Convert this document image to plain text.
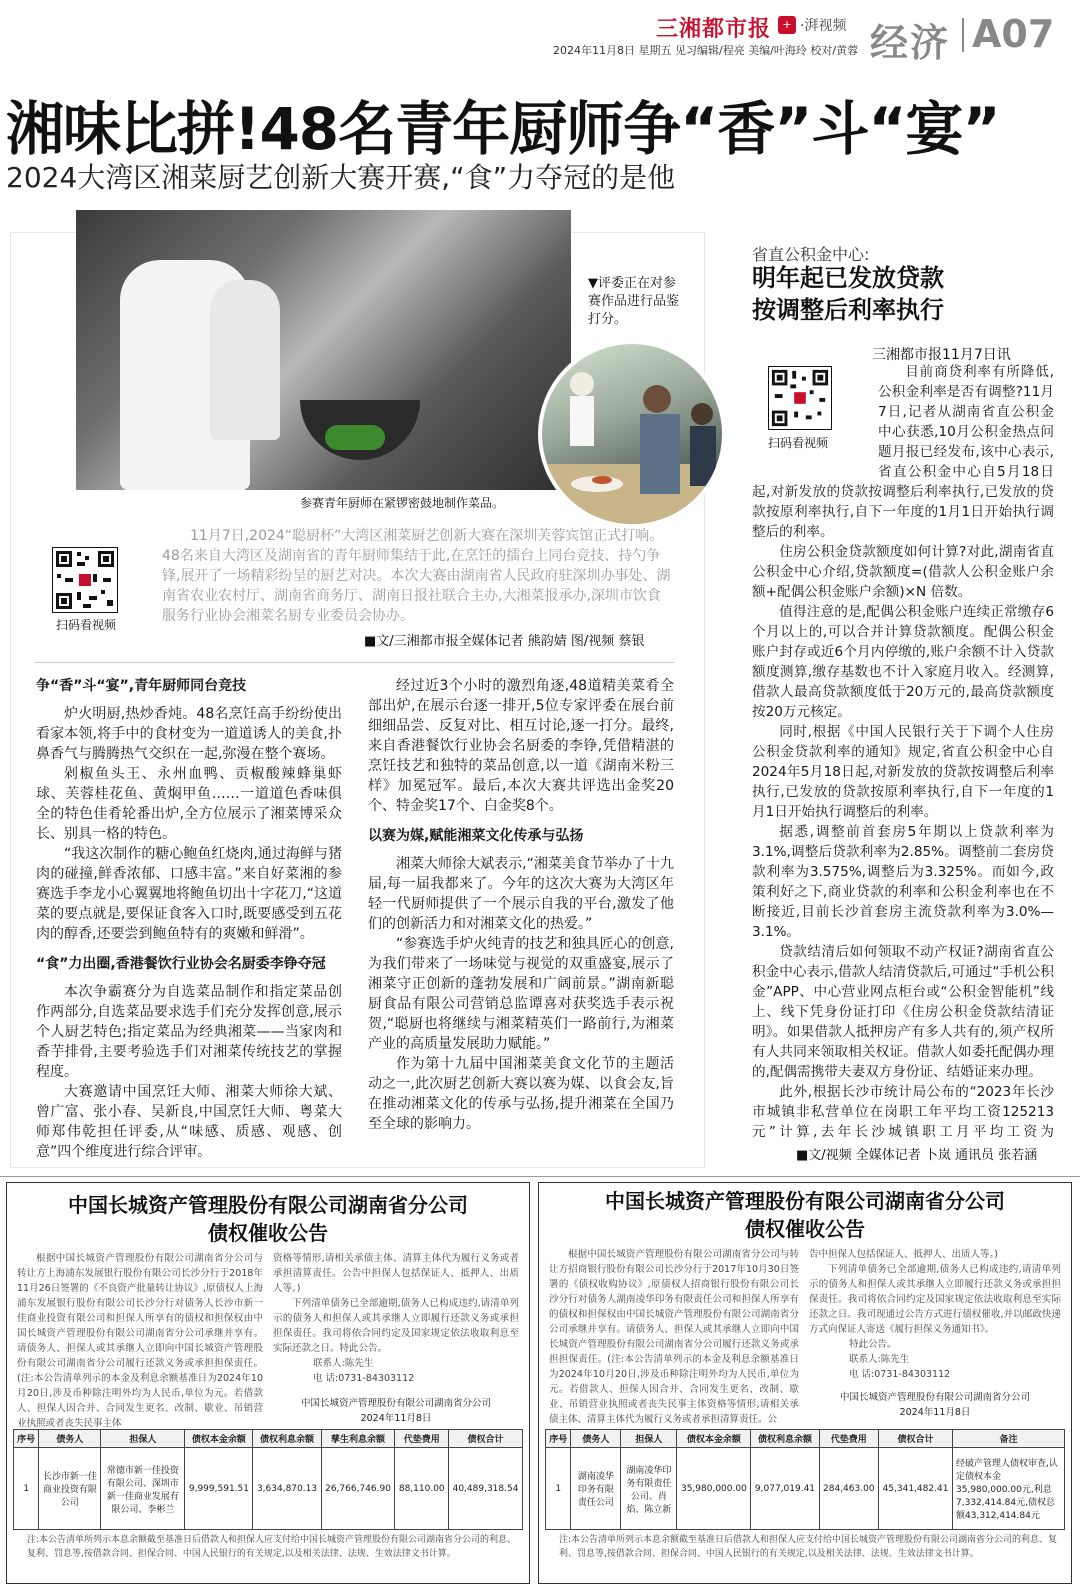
三湘都市报	+ ·湃视频
2024年11月8日 星期五 见习编辑/程亮 美编/叶海玲 校对/黄蓉 经济 A07
湘味比拼!48名青年厨师争“香”斗“宴”
2024大湾区湘菜厨艺创新大赛开赛,“食”力夺冠的是他
▼评委正在对参赛作品进行品鉴打分。
参赛青年厨师在紧锣密鼓地制作菜品。
扫码看视频
11月7日,2024“聪厨杯”大湾区湘菜厨艺创新大赛在深圳芙蓉宾馆正式打响。48名来自大湾区及湖南省的青年厨师集结于此,在烹饪的擂台上同台竞技、持勺争锋,展开了一场精彩纷呈的厨艺对决。本次大赛由湖南省人民政府驻深圳办事处、湖南省农业农村厅、湖南省商务厅、湖南日报社联合主办,大湘菜报承办,深圳市饮食服务行业协会湘菜名厨专业委员会协办。
■文/三湘都市报全媒体记者 熊韵婧 图/视频 蔡银
争“香”斗“宴”,青年厨师同台竞技

炉火明厨,热炒香炖。48名烹饪高手纷纷使出看家本领,将手中的食材变为一道道诱人的美食,扑鼻香气与腾腾热气交织在一起,弥漫在整个赛场。

剁椒鱼头王、永州血鸭、贡椒酸辣蜂巢虾球、芙蓉桂花鱼、黄焖甲鱼……一道道色香味俱全的特色佳肴轮番出炉,全方位展示了湘菜博采众长、别具一格的特色。

“我这次制作的糖心鲍鱼红烧肉,通过海鲜与猪肉的碰撞,鲜香浓郁、口感丰富。”来自好菜湘的参赛选手李龙小心翼翼地将鲍鱼切出十字花刀,“这道菜的要点就是,要保证食客入口时,既要感受到五花肉的醇香,还要尝到鲍鱼特有的爽嫩和鲜滑”。

“食”力出圈,香港餐饮行业协会名厨委李铮夺冠

本次争霸赛分为自选菜品制作和指定菜品创作两部分,自选菜品要求选手们充分发挥创意,展示个人厨艺特色;指定菜品为经典湘菜——当家肉和香芋排骨,主要考验选手们对湘菜传统技艺的掌握程度。

大赛邀请中国烹饪大师、湘菜大师徐大斌、曾广富、张小春、吴新良,中国烹饪大师、粤菜大师郑伟乾担任评委,从“味感、质感、观感、创意”四个维度进行综合评审。

经过近3个小时的激烈角逐,48道精美菜肴全部出炉,在展示台逐一排开,5位专家评委在展台前细细品尝、反复对比、相互讨论,逐一打分。最终,来自香港餐饮行业协会名厨委的李铮,凭借精湛的烹饪技艺和独特的菜品创意,以一道《湖南米粉三样》加冕冠军。最后,本次大赛共评选出金奖20个、特金奖17个、白金奖8个。

以赛为媒,赋能湘菜文化传承与弘扬

湘菜大师徐大斌表示,“湘菜美食节举办了十九届,每一届我都来了。今年的这次大赛为大湾区年轻一代厨师提供了一个展示自我的平台,激发了他们的创新活力和对湘菜文化的热爱。”

“参赛选手炉火纯青的技艺和独具匠心的创意,为我们带来了一场味觉与视觉的双重盛宴,展示了湘菜守正创新的蓬勃发展和广阔前景。”湖南新聪厨食品有限公司营销总监谭喜对获奖选手表示祝贺,“聪厨也将继续与湘菜精英们一路前行,为湘菜产业的高质量发展助力赋能。”

作为第十九届中国湘菜美食文化节的主题活动之一,此次厨艺创新大赛以赛为媒、以食会友,旨在推动湘菜文化的传承与弘扬,提升湘菜在全国乃至全球的影响力。

省直公积金中心:
明年起已发放贷款
按调整后利率执行
三湘都市报11月7日讯
扫码看视频

目前商贷利率有所降低,公积金利率是否有调整?11月7日,记者从湖南省直公积金中心获悉,10月公积金热点问题月报已经发布,该中心表示,省直公积金中心自5月18日起,对新发放的贷款按调整后利率执行,已发放的贷款按原利率执行,自下一年度的1月1日开始执行调整后的利率。

住房公积金贷款额度如何计算?对此,湖南省直公积金中心介绍,贷款额度=(借款人公积金账户余额+配偶公积金账户余额)×N 倍数。

值得注意的是,配偶公积金账户连续正常缴存6个月以上的,可以合并计算贷款额度。配偶公积金账户封存或近6个月内停缴的,账户余额不计入贷款额度测算,缴存基数也不计入家庭月收入。经测算,借款人最高贷款额度低于20万元的,最高贷款额度按20万元核定。

同时,根据《中国人民银行关于下调个人住房公积金贷款利率的通知》规定,省直公积金中心自2024年5月18日起,对新发放的贷款按调整后利率执行,已发放的贷款按原利率执行,自下一年度的1月1日开始执行调整后的利率。

据悉,调整前首套房5年期以上贷款利率为3.1%,调整后贷款利率为2.85%。调整前二套房贷款利率为3.575%,调整后为3.325%。而如今,政策利好之下,商业贷款的利率和公积金利率也在不断接近,目前长沙首套房主流贷款利率为3.0%—3.1%。

贷款结清后如何领取不动产权证?湖南省直公积金中心表示,借款人结清贷款后,可通过“手机公积金”APP、中心营业网点柜台或“公积金智能机”线上、线下凭身份证打印《住房公积金贷款结清证明》。如果借款人抵押房产有多人共有的,须产权所有人共同来领取相关权证。借款人如委托配偶办理的,配偶需携带夫妻双方身份证、结婚证来办理。

此外,根据长沙市统计局公布的“2023年长沙市城镇非私营单位在岗职工年平均工资125213元”计算,去年长沙城镇职工月平均工资为

■文/视频 全媒体记者 卜岚 通讯员 张若涵
中国长城资产管理股份有限公司湖南省分公司
债权催收公告
根据中国长城资产管理股份有限公司湖南省分公司与转让方上海浦东发展银行股份有限公司长沙分行于2018年11月26日签署的《不良资产批量转让协议》,原债权人上海浦东发展银行股份有限公司长沙分行对债务人长沙市新一佳商业投资有限公司和担保人所享有的债权和担保权由中国长城资产管理股份有限公司湖南省分公司承继并享有。请债务人、担保人或其承继人立即向中国长城资产管理股份有限公司湖南省分公司履行还款义务或承担担保责任。(注:本公告清单列示的本金及利息余额基准日为2024年10月20日,涉及币种除注明外均为人民币,单位为元。若借款人、担保人因合并、合同发生更名、改制、歇业、吊销营业执照或者丧失民事主体
资格等情形,请相关承债主体、清算主体代为履行义务或者承担清算责任。公告中担保人包括保证人、抵押人、出质人等。)
下列清单债务已全部逾期,债务人已构成违约,请清单列示的债务人和担保人或其承继人立即履行还款义务或承担担保责任。我司将依合同约定及国家规定依法收取利息至实际还款之日。特此公告。
联系人:陈先生
电 话:0731-84303112
中国长城资产管理股份有限公司湖南省分公司
2024年11月8日
序号	债务人	担保人	债权本金余额	债权利息余额	孳生利息余额	代垫费用	债权合计
1	长沙市新一佳商业投资有限公司	常德市新一佳投资有限公司、深圳市新一佳商业发展有限公司、李彬兰	9,999,591.51	3,634,870.13	26,766,746.90	88,110.00	40,489,318.54
注:本公告清单所列示本息余额截至基准日后借款人和担保人应支付给中国长城资产管理股份有限公司湖南省分公司的利息、复利、罚息等,按借款合同、担保合同、中国人民银行的有关规定,以及相关法律、法规、生效法律文书计算。
中国长城资产管理股份有限公司湖南省分公司
债权催收公告
根据中国长城资产管理股份有限公司湖南省分公司与转让方招商银行股份有限公司长沙分行于2017年10月30日签署的《债权收购协议》,原债权人招商银行股份有限公司长沙分行对债务人湖南凌华印务有限责任公司和担保人所享有的债权和担保权由中国长城资产管理股份有限公司湖南省分公司承继并享有。请债务人、担保人或其承继人立即向中国长城资产管理股份有限公司湖南省分公司履行还款义务或承担担保责任。(注:本公告清单列示的本金及利息余额基准日为2024年10月20日,涉及币种除注明外均为人民币,单位为元。若借款人、担保人因合并、合同发生更名、改制、歇业、吊销营业执照或者丧失民事主体资格等情形,请相关承债主体、清算主体代为履行义务或者承担清算责任。公
告中担保人包括保证人、抵押人、出质人等。)
下列清单债务已全部逾期,债务人已构成违约,请清单列示的债务人和担保人或其承继人立即履行还款义务或承担担保责任。我司将依合同约定及国家规定依法收取利息至实际还款之日。我司现通过公告方式进行债权催收,并以邮政快递方式向保证人寄送《履行担保义务通知书》。
特此公告。
联系人:陈先生
电 话:0731-84303112
中国长城资产管理股份有限公司湖南省分公司
2024年11月8日
序号	债务人	担保人	债权本金余额	债权利息余额	代垫费用	债权合计	备注
1	湖南凌华印务有限责任公司	湖南凌华印务有限责任公司、肖焰、陈立新	35,980,000.00	9,077,019.41	284,463.00	45,341,482.41	经破产管理人债权审查,认定债权本金35,980,000.00元,利息7,332,414.84元,债权总额43,312,414.84元
注:本公告清单所列示本息余额截至基准日后借款人和担保人应支付给中国长城资产管理股份有限公司湖南省分公司的利息、复利、罚息等,按借款合同、担保合同、中国人民银行的有关规定,以及相关法律、法规、生效法律文书计算。
